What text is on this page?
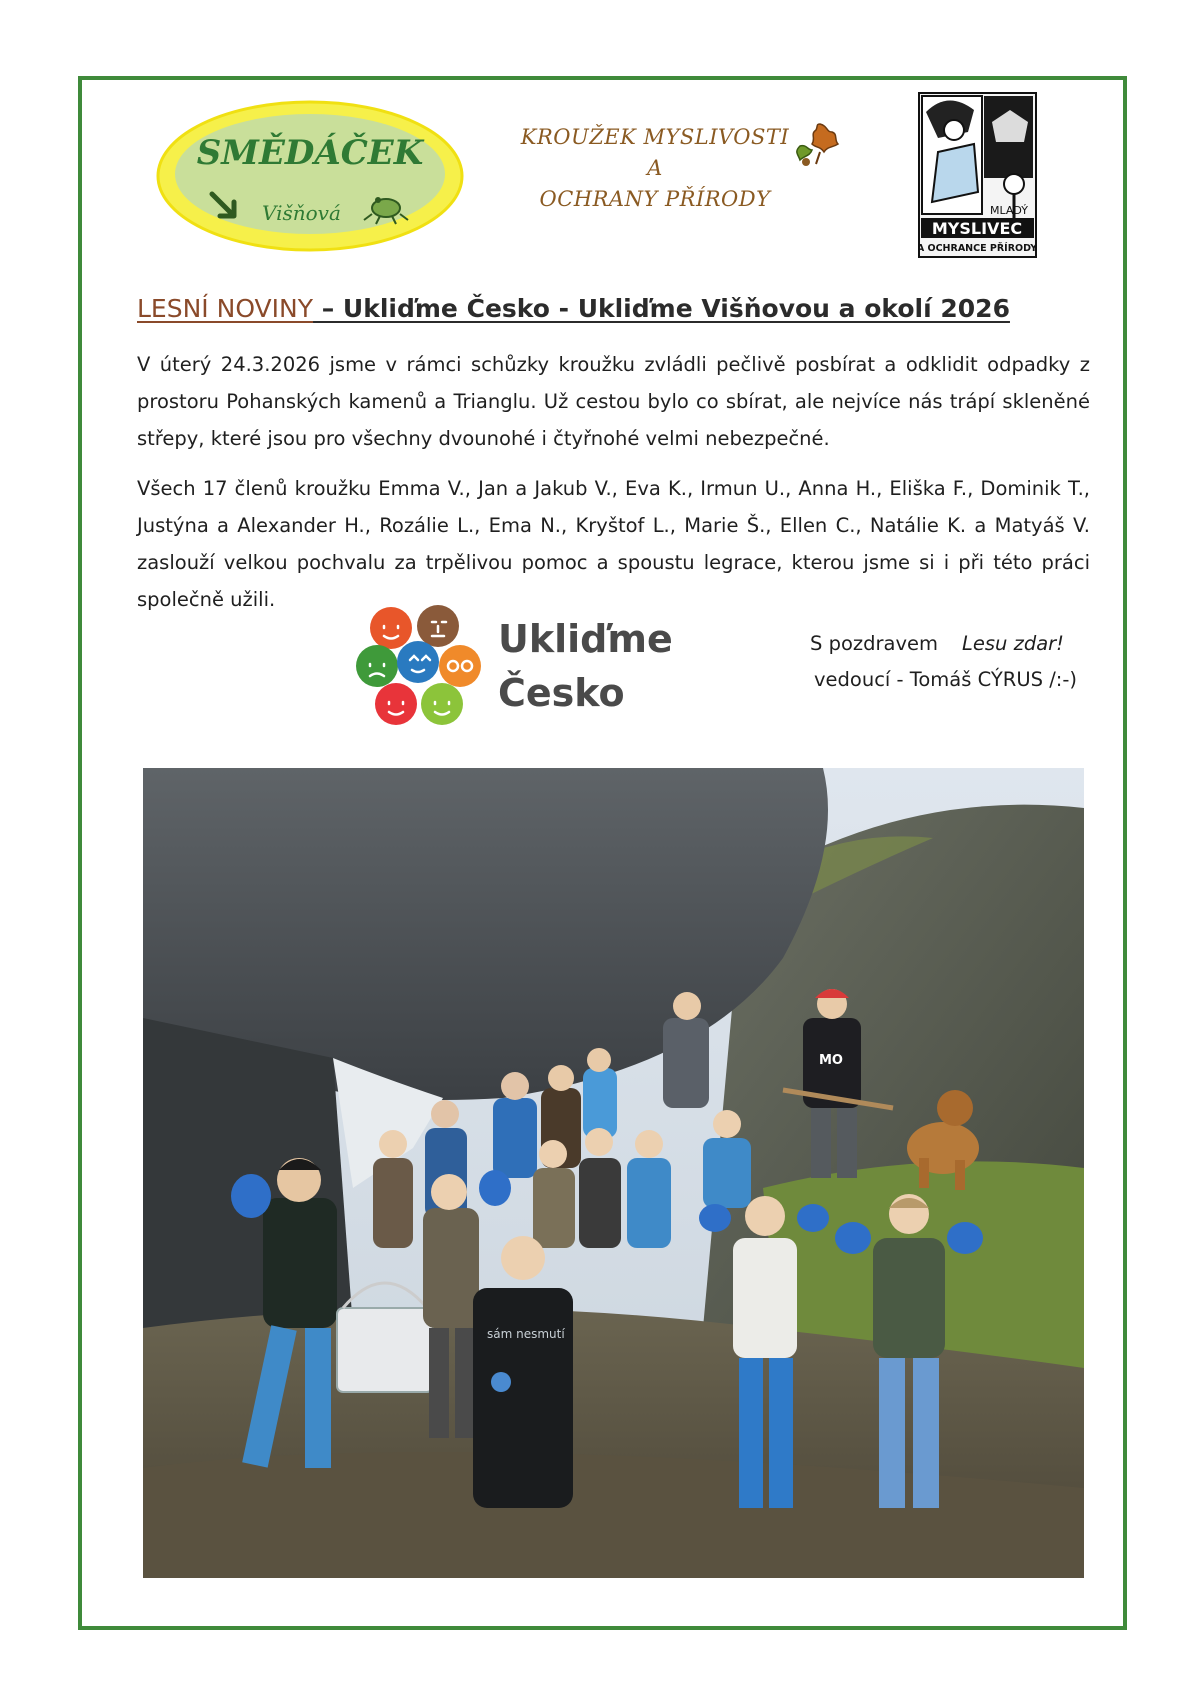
SMĚDÁČEK
Višňová
KROUŽEK MYSLIVOSTI
A
OCHRANY PŘÍRODY	MLADÝ
MYSLIVEC
A OCHRANCE PŘÍRODY
LESNÍ NOVINY – Ukliďme Česko - Ukliďme Višňovou a okolí 2026
V úterý 24.3.2026 jsme v rámci schůzky kroužku zvládli pečlivě posbírat a odklidit odpadky z prostoru Pohanských kamenů a Trianglu. Už cestou bylo co sbírat, ale nejvíce nás trápí skleněné střepy, které jsou pro všechny dvounohé i čtyřnohé velmi nebezpečné.
Všech 17 členů kroužku Emma V., Jan a Jakub V., Eva K., Irmun U., Anna H., Eliška F., Dominik T., Justýna a Alexander H., Rozálie L., Ema N., Kryštof L., Marie Š., Ellen C., Natálie K. a Matyáš V. zaslouží velkou pochvalu za trpělivou pomoc a spoustu legrace, kterou jsme si i při této práci společně užili.
Ukliďme
Česko
S pozdravem Lesu zdar!
vedoucí - Tomáš CÝRUS /:-)
MO
sám nesmutí
